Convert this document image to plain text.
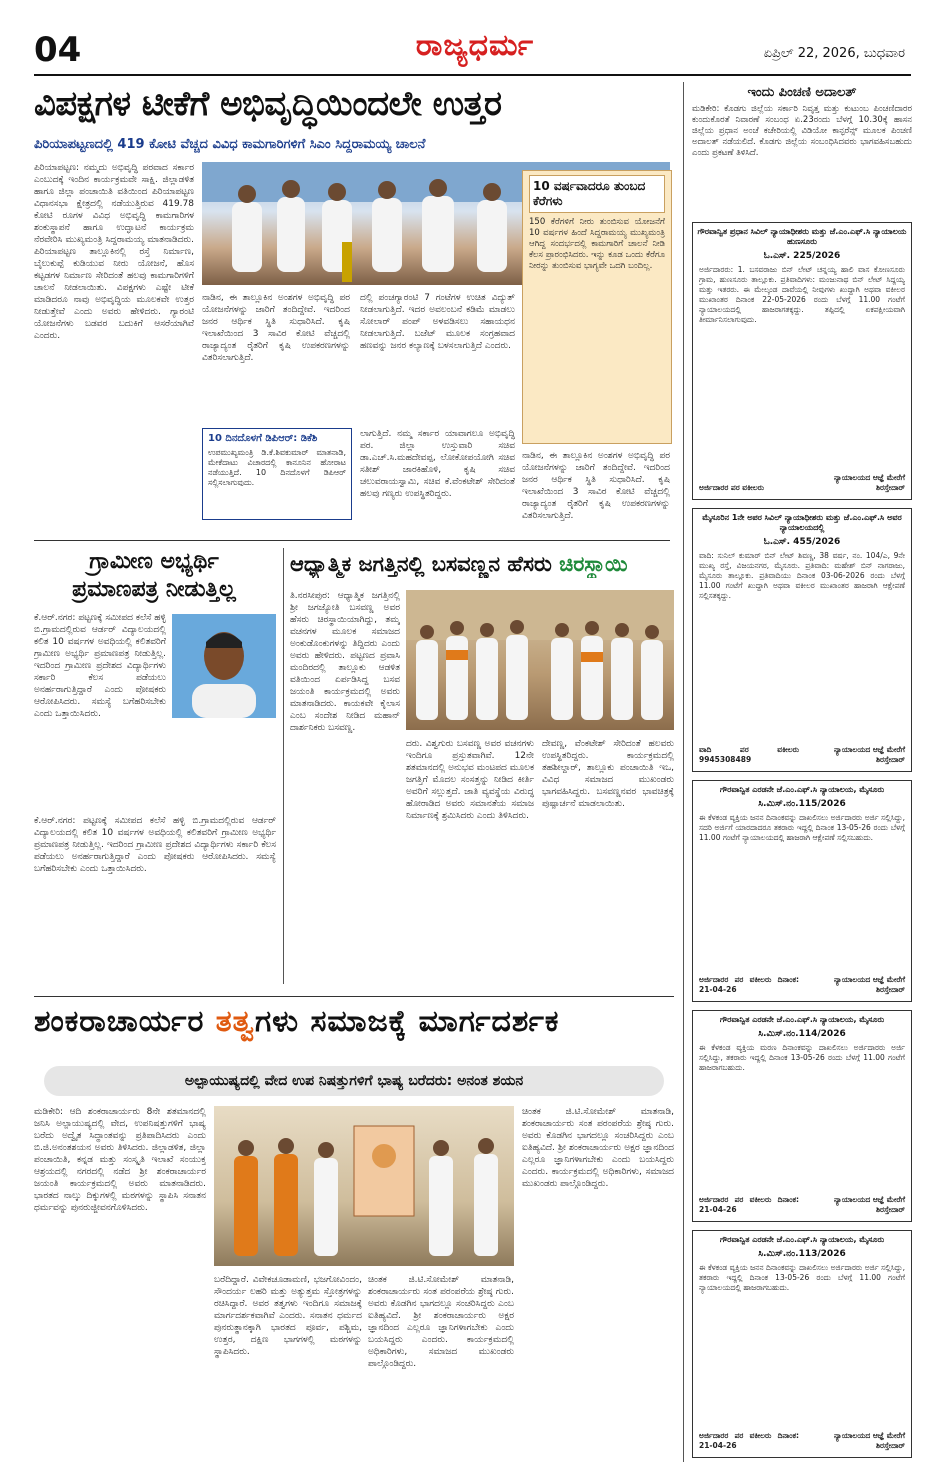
04	ರಾಜ್ಯಧರ್ಮ	ಏಪ್ರಿಲ್ 22, 2026, ಬುಧವಾರ
ವಿಪಕ್ಷಗಳ ಟೀಕೆಗೆ ಅಭಿವೃದ್ಧಿಯಿಂದಲೇ ಉತ್ತರ
ಪಿರಿಯಾಪಟ್ಟಣದಲ್ಲಿ 419 ಕೋಟಿ ವೆಚ್ಚದ ವಿವಿಧ ಕಾಮಗಾರಿಗಳಿಗೆ ಸಿಎಂ ಸಿದ್ದರಾಮಯ್ಯ ಚಾಲನೆ
ಪಿರಿಯಾಪಟ್ಟಣ: ನಮ್ಮದು ಅಭಿವೃದ್ಧಿ ಪರವಾದ ಸರ್ಕಾರ ಎಂಬುದಕ್ಕೆ ಇಂದಿನ ಕಾರ್ಯಕ್ರಮವೇ ಸಾಕ್ಷಿ. ಜಿಲ್ಲಾಡಳಿತ ಹಾಗೂ ಜಿಲ್ಲಾ ಪಂಚಾಯಿತಿ ವತಿಯಿಂದ ಪಿರಿಯಾಪಟ್ಟಣ ವಿಧಾನಸಭಾ ಕ್ಷೇತ್ರದಲ್ಲಿ ನಡೆಯುತ್ತಿರುವ 419.78 ಕೋಟಿ ರೂಗಳ ವಿವಿಧ ಅಭಿವೃದ್ಧಿ ಕಾಮಗಾರಿಗಳ ಶಂಕುಸ್ಥಾಪನೆ ಹಾಗೂ ಉದ್ಘಾಟನೆ ಕಾರ್ಯಕ್ರಮ ನೆರವೇರಿಸಿ ಮುಖ್ಯಮಂತ್ರಿ ಸಿದ್ದರಾಮಯ್ಯ ಮಾತನಾಡಿದರು. ಪಿರಿಯಾಪಟ್ಟಣ ತಾಲ್ಲೂಕಿನಲ್ಲಿ ರಸ್ತೆ ನಿರ್ಮಾಣ, ಬೈಲುಕುಪ್ಪೆ ಕುಡಿಯುವ ನೀರು ಯೋಜನೆ, ಹೊಸ ಕಟ್ಟಡಗಳ ನಿರ್ಮಾಣ ಸೇರಿದಂತೆ ಹಲವು ಕಾಮಗಾರಿಗಳಿಗೆ ಚಾಲನೆ ನೀಡಲಾಯಿತು. ವಿಪಕ್ಷಗಳು ಎಷ್ಟೇ ಟೀಕೆ ಮಾಡಿದರೂ ನಾವು ಅಭಿವೃದ್ಧಿಯ ಮೂಲಕವೇ ಉತ್ತರ ನೀಡುತ್ತೇವೆ ಎಂದು ಅವರು ಹೇಳಿದರು. ಗ್ಯಾರಂಟಿ ಯೋಜನೆಗಳು ಬಡವರ ಬದುಕಿಗೆ ಆಸರೆಯಾಗಿವೆ ಎಂದರು.
10 ವರ್ಷವಾದರೂ ತುಂಬದ ಕೆರೆಗಳು
150 ಕೆರೆಗಳಿಗೆ ನೀರು ತುಂಬಿಸುವ ಯೋಜನೆಗೆ 10 ವರ್ಷಗಳ ಹಿಂದೆ ಸಿದ್ದರಾಮಯ್ಯ ಮುಖ್ಯಮಂತ್ರಿ ಆಗಿದ್ದ ಸಂದರ್ಭದಲ್ಲಿ ಕಾಮಗಾರಿಗೆ ಚಾಲನೆ ನೀಡಿ ಕೆಲಸ ಪ್ರಾರಂಭಿಸಿದರು. ಇನ್ನು ಕೂಡ ಒಂದು ಕೆರೆಗೂ ನೀರನ್ನು ತುಂಬಿಸುವ ಭಾಗ್ಯವೇ ಒದಗಿ ಬಂದಿಲ್ಲ.
ನಾಡಿನ, ಈ ತಾಲ್ಲೂಕಿನ ಅಂಶಗಳ ಅಭಿವೃದ್ಧಿ ಪರ ಯೋಜನೆಗಳನ್ನು ಜಾರಿಗೆ ತಂದಿದ್ದೇವೆ. ಇದರಿಂದ ಜನರ ಆರ್ಥಿಕ ಸ್ಥಿತಿ ಸುಧಾರಿಸಿದೆ. ಕೃಷಿ ಇಲಾಖೆಯಿಂದ 3 ಸಾವಿರ ಕೋಟಿ ವೆಚ್ಚದಲ್ಲಿ ರಾಜ್ಯಾದ್ಯಂತ ರೈತರಿಗೆ ಕೃಷಿ ಉಪಕರಣಗಳನ್ನು ವಿತರಿಸಲಾಗುತ್ತಿದೆ.
ದಲ್ಲಿ ಪಂಚಗ್ಯಾರಂಟಿ 7 ಗಂಟೆಗಳ ಉಚಿತ ವಿದ್ಯುತ್ ನೀಡಲಾಗುತ್ತಿದೆ. ಇದರ ಅವಲಂಬನೆ ಕಡಿಮೆ ಮಾಡಲು ಸೋಲಾರ್ ಪಂಪ್ ಅಳವಡಿಸಲು ಸಹಾಯಧನ ನೀಡಲಾಗುತ್ತಿದೆ. ಬಜೆಟ್ ಮೂಲಕ ಸಂಗ್ರಹವಾದ ಹಣವನ್ನು ಜನರ ಕಲ್ಯಾಣಕ್ಕೆ ಬಳಸಲಾಗುತ್ತಿದೆ ಎಂದರು.
10 ದಿನದೊಳಗೆ ಡಿಪಿಆರ್: ಡಿಕೆಶಿ
ಉಪಮುಖ್ಯಮಂತ್ರಿ ಡಿ.ಕೆ.ಶಿವಕುಮಾರ್ ಮಾತನಾಡಿ, ಮೇಕೆದಾಟು ವಿಚಾರದಲ್ಲಿ ಕಾನೂನಿನ ಹೋರಾಟ ನಡೆಯುತ್ತಿದೆ. 10 ದಿನದೊಳಗೆ ಡಿಪಿಆರ್ ಸಲ್ಲಿಸಲಾಗುವುದು.
ಲಾಗುತ್ತಿದೆ. ನಮ್ಮ ಸರ್ಕಾರ ಯಾವಾಗಲೂ ಅಭಿವೃದ್ಧಿ ಪರ. ಜಿಲ್ಲಾ ಉಸ್ತುವಾರಿ ಸಚಿವ ಡಾ.ಎಚ್.ಸಿ.ಮಹದೇವಪ್ಪ, ಲೋಕೋಪಯೋಗಿ ಸಚಿವ ಸತೀಶ್ ಜಾರಕಿಹೊಳಿ, ಕೃಷಿ ಸಚಿವ ಚಲುವರಾಯಸ್ವಾಮಿ, ಸಚಿವ ಕೆ.ವೆಂಕಟೇಶ್ ಸೇರಿದಂತೆ ಹಲವು ಗಣ್ಯರು ಉಪಸ್ಥಿತರಿದ್ದರು.
ನಾಡಿನ, ಈ ತಾಲ್ಲೂಕಿನ ಅಂಶಗಳ ಅಭಿವೃದ್ಧಿ ಪರ ಯೋಜನೆಗಳನ್ನು ಜಾರಿಗೆ ತಂದಿದ್ದೇವೆ. ಇದರಿಂದ ಜನರ ಆರ್ಥಿಕ ಸ್ಥಿತಿ ಸುಧಾರಿಸಿದೆ. ಕೃಷಿ ಇಲಾಖೆಯಿಂದ 3 ಸಾವಿರ ಕೋಟಿ ವೆಚ್ಚದಲ್ಲಿ ರಾಜ್ಯಾದ್ಯಂತ ರೈತರಿಗೆ ಕೃಷಿ ಉಪಕರಣಗಳನ್ನು ವಿತರಿಸಲಾಗುತ್ತಿದೆ.
ಗ್ರಾಮೀಣ ಅಭ್ಯರ್ಥಿ
ಪ್ರಮಾಣಪತ್ರ ನೀಡುತ್ತಿಲ್ಲ
ಕೆ.ಆರ್.ನಗರ: ಪಟ್ಟಣಕ್ಕೆ ಸಮೀಪದ ಕಲೆಸೆ ಹಳ್ಳಿ ಬಿ.ಗ್ರಾಮದಲ್ಲಿರುವ ಆರ್ಡರ್ ವಿದ್ಯಾಲಯದಲ್ಲಿ ಕಲಿತ 10 ವರ್ಷಗಳ ಅವಧಿಯಲ್ಲಿ ಕಲಿತವರಿಗೆ ಗ್ರಾಮೀಣ ಅಭ್ಯರ್ಥಿ ಪ್ರಮಾಣಪತ್ರ ನೀಡುತ್ತಿಲ್ಲ. ಇದರಿಂದ ಗ್ರಾಮೀಣ ಪ್ರದೇಶದ ವಿದ್ಯಾರ್ಥಿಗಳು ಸರ್ಕಾರಿ ಕೆಲಸ ಪಡೆಯಲು ಅನರ್ಹರಾಗುತ್ತಿದ್ದಾರೆ ಎಂದು ಪೋಷಕರು ಆರೋಪಿಸಿದರು. ಸಮಸ್ಯೆ ಬಗೆಹರಿಸಬೇಕು ಎಂದು ಒತ್ತಾಯಿಸಿದರು.
ಕೆ.ಆರ್.ನಗರ: ಪಟ್ಟಣಕ್ಕೆ ಸಮೀಪದ ಕಲೆಸೆ ಹಳ್ಳಿ ಬಿ.ಗ್ರಾಮದಲ್ಲಿರುವ ಆರ್ಡರ್ ವಿದ್ಯಾಲಯದಲ್ಲಿ ಕಲಿತ 10 ವರ್ಷಗಳ ಅವಧಿಯಲ್ಲಿ ಕಲಿತವರಿಗೆ ಗ್ರಾಮೀಣ ಅಭ್ಯರ್ಥಿ ಪ್ರಮಾಣಪತ್ರ ನೀಡುತ್ತಿಲ್ಲ. ಇದರಿಂದ ಗ್ರಾಮೀಣ ಪ್ರದೇಶದ ವಿದ್ಯಾರ್ಥಿಗಳು ಸರ್ಕಾರಿ ಕೆಲಸ ಪಡೆಯಲು ಅನರ್ಹರಾಗುತ್ತಿದ್ದಾರೆ ಎಂದು ಪೋಷಕರು ಆರೋಪಿಸಿದರು. ಸಮಸ್ಯೆ ಬಗೆಹರಿಸಬೇಕು ಎಂದು ಒತ್ತಾಯಿಸಿದರು.
ಆಧ್ಯಾತ್ಮಿಕ ಜಗತ್ತಿನಲ್ಲಿ ಬಸವಣ್ಣನ ಹೆಸರು ಚಿರಸ್ಥಾಯಿ
ತಿ.ನರಸೀಪುರ: ಆಧ್ಯಾತ್ಮಿಕ ಜಗತ್ತಿನಲ್ಲಿ ಶ್ರೀ ಜಗಜ್ಯೋತಿ ಬಸವಣ್ಣ ಅವರ ಹೆಸರು ಚಿರಸ್ಥಾಯಿಯಾಗಿದ್ದು, ತಮ್ಮ ವಚನಗಳ ಮೂಲಕ ಸಮಾಜದ ಅಂಕುಡೊಂಕುಗಳನ್ನು ತಿದ್ದಿದರು ಎಂದು ಅವರು ಹೇಳಿದರು. ಪಟ್ಟಣದ ಪ್ರವಾಸಿ ಮಂದಿರದಲ್ಲಿ ತಾಲ್ಲೂಕು ಆಡಳಿತ ವತಿಯಿಂದ ಏರ್ಪಡಿಸಿದ್ದ ಬಸವ ಜಯಂತಿ ಕಾರ್ಯಕ್ರಮದಲ್ಲಿ ಅವರು ಮಾತನಾಡಿದರು. ಕಾಯಕವೇ ಕೈಲಾಸ ಎಂಬ ಸಂದೇಶ ನೀಡಿದ ಮಹಾನ್ ದಾರ್ಶನಿಕರು ಬಸವಣ್ಣ.
ದರು. ವಿಶ್ವಗುರು ಬಸವಣ್ಣ ಅವರ ವಚನಗಳು ಇಂದಿಗೂ ಪ್ರಸ್ತುತವಾಗಿವೆ. 12ನೇ ಶತಮಾನದಲ್ಲಿ ಅನುಭವ ಮಂಟಪದ ಮೂಲಕ ಜಗತ್ತಿಗೆ ಮೊದಲ ಸಂಸತ್ತನ್ನು ನೀಡಿದ ಕೀರ್ತಿ ಅವರಿಗೆ ಸಲ್ಲುತ್ತದೆ. ಜಾತಿ ವ್ಯವಸ್ಥೆಯ ವಿರುದ್ಧ ಹೋರಾಡಿದ ಅವರು ಸಮಾನತೆಯ ಸಮಾಜ ನಿರ್ಮಾಣಕ್ಕೆ ಶ್ರಮಿಸಿದರು ಎಂದು ತಿಳಿಸಿದರು.
ದೇವಣ್ಣ, ವೆಂಕಟೇಶ್ ಸೇರಿದಂತೆ ಹಲವರು ಉಪಸ್ಥಿತರಿದ್ದರು. ಕಾರ್ಯಕ್ರಮದಲ್ಲಿ ತಹಶೀಲ್ದಾರ್, ತಾಲ್ಲೂಕು ಪಂಚಾಯಿತಿ ಇಒ, ವಿವಿಧ ಸಮಾಜದ ಮುಖಂಡರು ಭಾಗವಹಿಸಿದ್ದರು. ಬಸವಣ್ಣನವರ ಭಾವಚಿತ್ರಕ್ಕೆ ಪುಷ್ಪಾರ್ಚನೆ ಮಾಡಲಾಯಿತು.
ಶಂಕರಾಚಾರ್ಯರ ತತ್ವಗಳು ಸಮಾಜಕ್ಕೆ ಮಾರ್ಗದರ್ಶಕ
ಅಲ್ಪಾಯುಷ್ಯದಲ್ಲಿ ವೇದ ಉಪ ನಿಷತ್ತುಗಳಿಗೆ ಭಾಷ್ಯ ಬರೆದರು: ಅನಂತ ಶಯನ
ಮಡಿಕೇರಿ: ಆದಿ ಶಂಕರಾಚಾರ್ಯರು 8ನೇ ಶತಮಾನದಲ್ಲಿ ಜನಿಸಿ ಅಲ್ಪಾಯುಷ್ಯದಲ್ಲಿ ವೇದ, ಉಪನಿಷತ್ತುಗಳಿಗೆ ಭಾಷ್ಯ ಬರೆದು ಅದ್ವೈತ ಸಿದ್ಧಾಂತವನ್ನು ಪ್ರತಿಪಾದಿಸಿದರು ಎಂದು ಬಿ.ಜಿ.ಅನಂತಶಯನ ಅವರು ತಿಳಿಸಿದರು. ಜಿಲ್ಲಾಡಳಿತ, ಜಿಲ್ಲಾ ಪಂಚಾಯಿತಿ, ಕನ್ನಡ ಮತ್ತು ಸಂಸ್ಕೃತಿ ಇಲಾಖೆ ಸಂಯುಕ್ತ ಆಶ್ರಯದಲ್ಲಿ ನಗರದಲ್ಲಿ ನಡೆದ ಶ್ರೀ ಶಂಕರಾಚಾರ್ಯರ ಜಯಂತಿ ಕಾರ್ಯಕ್ರಮದಲ್ಲಿ ಅವರು ಮಾತನಾಡಿದರು. ಭಾರತದ ನಾಲ್ಕು ದಿಕ್ಕುಗಳಲ್ಲಿ ಮಠಗಳನ್ನು ಸ್ಥಾಪಿಸಿ ಸನಾತನ ಧರ್ಮವನ್ನು ಪುನರುಜ್ಜೀವನಗೊಳಿಸಿದರು.
ಬರೆದಿದ್ದಾರೆ. ವಿವೇಕಚೂಡಾಮಣಿ, ಭಜಗೋವಿಂದಂ, ಸೌಂದರ್ಯ ಲಹರಿ ಮತ್ತು ಅತ್ಯುತ್ತಮ ಸ್ತೋತ್ರಗಳನ್ನು ರಚಿಸಿದ್ದಾರೆ. ಅವರ ತತ್ವಗಳು ಇಂದಿಗೂ ಸಮಾಜಕ್ಕೆ ಮಾರ್ಗದರ್ಶಕವಾಗಿವೆ ಎಂದರು. ಸನಾತನ ಧರ್ಮದ ಪುನರುತ್ಥಾನಕ್ಕಾಗಿ ಭಾರತದ ಪೂರ್ವ, ಪಶ್ಚಿಮ, ಉತ್ತರ, ದಕ್ಷಿಣ ಭಾಗಗಳಲ್ಲಿ ಮಠಗಳನ್ನು ಸ್ಥಾಪಿಸಿದರು.
ಚಿಂತಕ ಜಿ.ಟಿ.ಸೋಮೇಶ್ ಮಾತನಾಡಿ, ಶಂಕರಾಚಾರ್ಯರು ಸಂತ ಪರಂಪರೆಯ ಶ್ರೇಷ್ಠ ಗುರು. ಅವರು ಕೊಡಗಿನ ಭಾಗದಲ್ಲೂ ಸಂಚರಿಸಿದ್ದರು ಎಂಬ ಐತಿಹ್ಯವಿದೆ. ಶ್ರೀ ಶಂಕರಾಚಾರ್ಯರು ಅಕ್ಷರ ಜ್ಞಾನದಿಂದ ಎಲ್ಲರೂ ಜ್ಞಾನಿಗಳಾಗಬೇಕು ಎಂದು ಬಯಸಿದ್ದರು ಎಂದರು. ಕಾರ್ಯಕ್ರಮದಲ್ಲಿ ಅಧಿಕಾರಿಗಳು, ಸಮಾಜದ ಮುಖಂಡರು ಪಾಲ್ಗೊಂಡಿದ್ದರು.
ಚಿಂತಕ ಜಿ.ಟಿ.ಸೋಮೇಶ್ ಮಾತನಾಡಿ, ಶಂಕರಾಚಾರ್ಯರು ಸಂತ ಪರಂಪರೆಯ ಶ್ರೇಷ್ಠ ಗುರು. ಅವರು ಕೊಡಗಿನ ಭಾಗದಲ್ಲೂ ಸಂಚರಿಸಿದ್ದರು ಎಂಬ ಐತಿಹ್ಯವಿದೆ. ಶ್ರೀ ಶಂಕರಾಚಾರ್ಯರು ಅಕ್ಷರ ಜ್ಞಾನದಿಂದ ಎಲ್ಲರೂ ಜ್ಞಾನಿಗಳಾಗಬೇಕು ಎಂದು ಬಯಸಿದ್ದರು ಎಂದರು. ಕಾರ್ಯಕ್ರಮದಲ್ಲಿ ಅಧಿಕಾರಿಗಳು, ಸಮಾಜದ ಮುಖಂಡರು ಪಾಲ್ಗೊಂಡಿದ್ದರು.
ಇಂದು ಪಿಂಚಣಿ ಅದಾಲತ್
ಮಡಿಕೇರಿ: ಕೊಡಗು ಜಿಲ್ಲೆಯ ಸರ್ಕಾರಿ ನಿವೃತ್ತ ಮತ್ತು ಕುಟುಂಬ ಪಿಂಚಣಿದಾರರ ಕುಂದುಕೊರತೆ ನಿವಾರಣೆ ಸಂಬಂಧ ಏ.23ರಂದು ಬೆಳಗ್ಗೆ 10.30ಕ್ಕೆ ಹಾಸನ ಜಿಲ್ಲೆಯ ಪ್ರಧಾನ ಅಂಚೆ ಕಚೇರಿಯಲ್ಲಿ ವಿಡಿಯೋ ಕಾನ್ಫರೆನ್ಸ್ ಮೂಲಕ ಪಿಂಚಣಿ ಅದಾಲತ್ ನಡೆಯಲಿದೆ. ಕೊಡಗು ಜಿಲ್ಲೆಯ ಸಂಬಂಧಿಸಿದವರು ಭಾಗವಹಿಸಬಹುದು ಎಂದು ಪ್ರಕಟಣೆ ತಿಳಿಸಿದೆ.
ಗೌರವಾನ್ವಿತ ಪ್ರಧಾನ ಸಿವಿಲ್ ನ್ಯಾಯಾಧೀಶರು ಮತ್ತು ಜೆ.ಎಂ.ಎಫ್.ಸಿ ನ್ಯಾಯಾಲಯ ಹುಣಸೂರು
ಓ.ಎಸ್. 225/2026
ಅರ್ಜಿದಾರರು: 1. ಬಸವರಾಜು ಬಿನ್ ಲೇಟ್ ಚನ್ನಯ್ಯ ಹಾಲಿ ವಾಸ ಕೋಣಸೂರು ಗ್ರಾಮ, ಹುಣಸೂರು ತಾಲ್ಲೂಕು. ಪ್ರತಿವಾದಿಗಳು: ಮಂಜುನಾಥ ಬಿನ್ ಲೇಟ್ ಸಿದ್ದಯ್ಯ ಮತ್ತು ಇತರರು. ಈ ಮೇಲ್ಕಂಡ ದಾವೆಯಲ್ಲಿ ನೀವುಗಳು ಖುದ್ದಾಗಿ ಅಥವಾ ವಕೀಲರ ಮುಖಾಂತರ ದಿನಾಂಕ 22-05-2026 ರಂದು ಬೆಳಗ್ಗೆ 11.00 ಗಂಟೆಗೆ ನ್ಯಾಯಾಲಯದಲ್ಲಿ ಹಾಜರಾಗತಕ್ಕದ್ದು. ತಪ್ಪಿದಲ್ಲಿ ಏಕಪಕ್ಷೀಯವಾಗಿ ತೀರ್ಮಾನಿಸಲಾಗುವುದು.
ಅರ್ಜಿದಾರರ ಪರ ವಕೀಲರು
ನ್ಯಾಯಾಲಯದ ಆಜ್ಞೆ ಮೇರೆಗೆ ಶಿರಸ್ತೇದಾರ್
ಮೈಸೂರಿನ 1ನೇ ಅಪರ ಸಿವಿಲ್ ನ್ಯಾಯಾಧೀಶರು ಮತ್ತು ಜೆ.ಎಂ.ಎಫ್.ಸಿ ಅವರ ನ್ಯಾಯಾಲಯದಲ್ಲಿ
ಓ.ಎಸ್. 455/2026
ವಾದಿ: ಸುನಿಲ್ ಕುಮಾರ್ ಬಿನ್ ಲೇಟ್ ಶಿವಣ್ಣ, 38 ವರ್ಷ, ನಂ. 104/ಎ, 9ನೇ ಮುಖ್ಯ ರಸ್ತೆ, ವಿಜಯನಗರ, ಮೈಸೂರು. ಪ್ರತಿವಾದಿ: ಮಹೇಶ್ ಬಿನ್ ನಾಗರಾಜು, ಮೈಸೂರು ತಾಲ್ಲೂಕು. ಪ್ರತಿವಾದಿಯು ದಿನಾಂಕ 03-06-2026 ರಂದು ಬೆಳಗ್ಗೆ 11.00 ಗಂಟೆಗೆ ಖುದ್ದಾಗಿ ಅಥವಾ ವಕೀಲರ ಮುಖಾಂತರ ಹಾಜರಾಗಿ ಆಕ್ಷೇಪಣೆ ಸಲ್ಲಿಸತಕ್ಕದ್ದು.
ವಾದಿ ಪರ ವಕೀಲರು 9945308489
ನ್ಯಾಯಾಲಯದ ಆಜ್ಞೆ ಮೇರೆಗೆ ಶಿರಸ್ತೇದಾರ್
ಗೌರವಾನ್ವಿತ ಎರಡನೇ ಜೆ.ಎಂ.ಎಫ್.ಸಿ ನ್ಯಾಯಾಲಯ, ಮೈಸೂರು
ಸಿ.ಮಿಸ್.ನಂ.115/2026
ಈ ಕೆಳಕಂಡ ವ್ಯಕ್ತಿಯ ಜನನ ದಿನಾಂಕವನ್ನು ದಾಖಲಿಸಲು ಅರ್ಜಿದಾರರು ಅರ್ಜಿ ಸಲ್ಲಿಸಿದ್ದು, ಸದರಿ ಅರ್ಜಿಗೆ ಯಾರದಾದರೂ ತಕರಾರು ಇದ್ದಲ್ಲಿ ದಿನಾಂಕ 13-05-26 ರಂದು ಬೆಳಗ್ಗೆ 11.00 ಗಂಟೆಗೆ ನ್ಯಾಯಾಲಯದಲ್ಲಿ ಹಾಜರಾಗಿ ಆಕ್ಷೇಪಣೆ ಸಲ್ಲಿಸಬಹುದು.
ಅರ್ಜಿದಾರರ ಪರ ವಕೀಲರು ದಿನಾಂಕ: 21-04-26
ನ್ಯಾಯಾಲಯದ ಆಜ್ಞೆ ಮೇರೆಗೆ ಶಿರಸ್ತೇದಾರ್
ಗೌರವಾನ್ವಿತ ಎರಡನೇ ಜೆ.ಎಂ.ಎಫ್.ಸಿ ನ್ಯಾಯಾಲಯ, ಮೈಸೂರು
ಸಿ.ಮಿಸ್.ನಂ.114/2026
ಈ ಕೆಳಕಂಡ ವ್ಯಕ್ತಿಯ ಮರಣ ದಿನಾಂಕವನ್ನು ದಾಖಲಿಸಲು ಅರ್ಜಿದಾರರು ಅರ್ಜಿ ಸಲ್ಲಿಸಿದ್ದು, ತಕರಾರು ಇದ್ದಲ್ಲಿ ದಿನಾಂಕ 13-05-26 ರಂದು ಬೆಳಗ್ಗೆ 11.00 ಗಂಟೆಗೆ ಹಾಜರಾಗಬಹುದು.
ಅರ್ಜಿದಾರರ ಪರ ವಕೀಲರು ದಿನಾಂಕ: 21-04-26
ನ್ಯಾಯಾಲಯದ ಆಜ್ಞೆ ಮೇರೆಗೆ ಶಿರಸ್ತೇದಾರ್
ಗೌರವಾನ್ವಿತ ಎರಡನೇ ಜೆ.ಎಂ.ಎಫ್.ಸಿ ನ್ಯಾಯಾಲಯ, ಮೈಸೂರು
ಸಿ.ಮಿಸ್.ನಂ.113/2026
ಈ ಕೆಳಕಂಡ ವ್ಯಕ್ತಿಯ ಜನನ ದಿನಾಂಕವನ್ನು ದಾಖಲಿಸಲು ಅರ್ಜಿದಾರರು ಅರ್ಜಿ ಸಲ್ಲಿಸಿದ್ದು, ತಕರಾರು ಇದ್ದಲ್ಲಿ ದಿನಾಂಕ 13-05-26 ರಂದು ಬೆಳಗ್ಗೆ 11.00 ಗಂಟೆಗೆ ನ್ಯಾಯಾಲಯದಲ್ಲಿ ಹಾಜರಾಗಬಹುದು.
ಅರ್ಜಿದಾರರ ಪರ ವಕೀಲರು ದಿನಾಂಕ: 21-04-26
ನ್ಯಾಯಾಲಯದ ಆಜ್ಞೆ ಮೇರೆಗೆ ಶಿರಸ್ತೇದಾರ್
